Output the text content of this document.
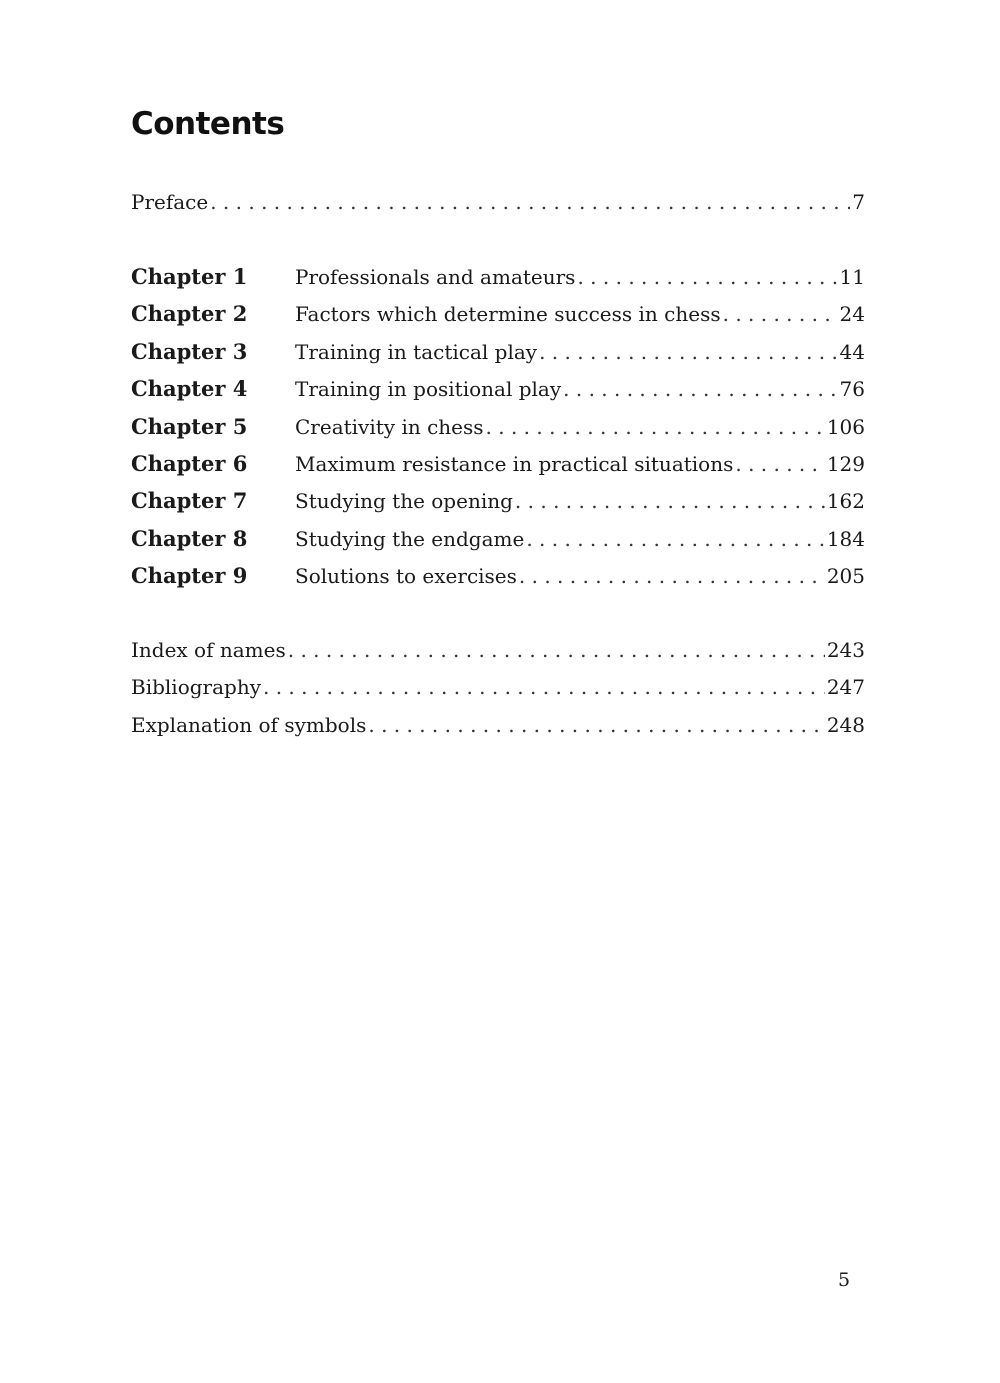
Contents
Preface . . .	7
Chapter 1	Professionals and amateurs . . .	11
Chapter 2	Factors which determine success in chess . . .	24
Chapter 3	Training in tactical play . . .	44
Chapter 4	Training in positional play . . .	76
Chapter 5	Creativity in chess . . .	106
Chapter 6	Maximum resistance in practical situations . . .	129
Chapter 7	Studying the opening . . .	162
Chapter 8	Studying the endgame . . .	184
Chapter 9	Solutions to exercises . . .	205
Index of names . . .	243
Bibliography . . .	247
Explanation of symbols . . .	248
5
